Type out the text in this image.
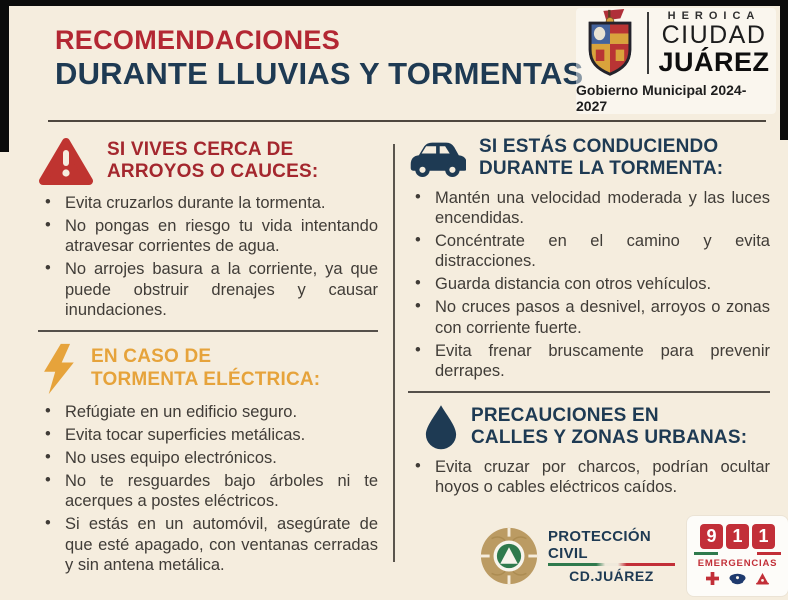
RECOMENDACIONES
DURANTE LLUVIAS Y TORMENTAS
HEROICA
CIUDAD
JUÁREZ
Gobierno Municipal 2024-2027
SI VIVES CERCA DE
ARROYOS O CAUCES:
• Evita cruzarlos durante la tormenta.
• No pongas en riesgo tu vida intentando atravesar corrientes de agua.
• No arrojes basura a la corriente, ya que puede obstruir drenajes y causar inundaciones.
EN CASO DE
TORMENTA ELÉCTRICA:
• Refúgiate en un edificio seguro.
• Evita tocar superficies metálicas.
• No uses equipo electrónicos.
• No te resguardes bajo árboles ni te acerques a postes eléctricos.
• Si estás en un automóvil, asegúrate de que esté apagado, con ventanas cerradas y sin antena metálica.
SI ESTÁS CONDUCIENDO
DURANTE LA TORMENTA:
• Mantén una velocidad moderada y las luces encendidas.
• Concéntrate en el camino y evita distracciones.
• Guarda distancia con otros vehículos.
• No cruces pasos a desnivel, arroyos o zonas con corriente fuerte.
• Evita frenar bruscamente para prevenir derrapes.
PRECAUCIONES EN
CALLES Y ZONAS URBANAS:
• Evita cruzar por charcos, podrían ocultar hoyos o cables eléctricos caídos.
PROTECCIÓN CIVIL
CD.JUÁREZ
9 1 1
EMERGENCIAS
